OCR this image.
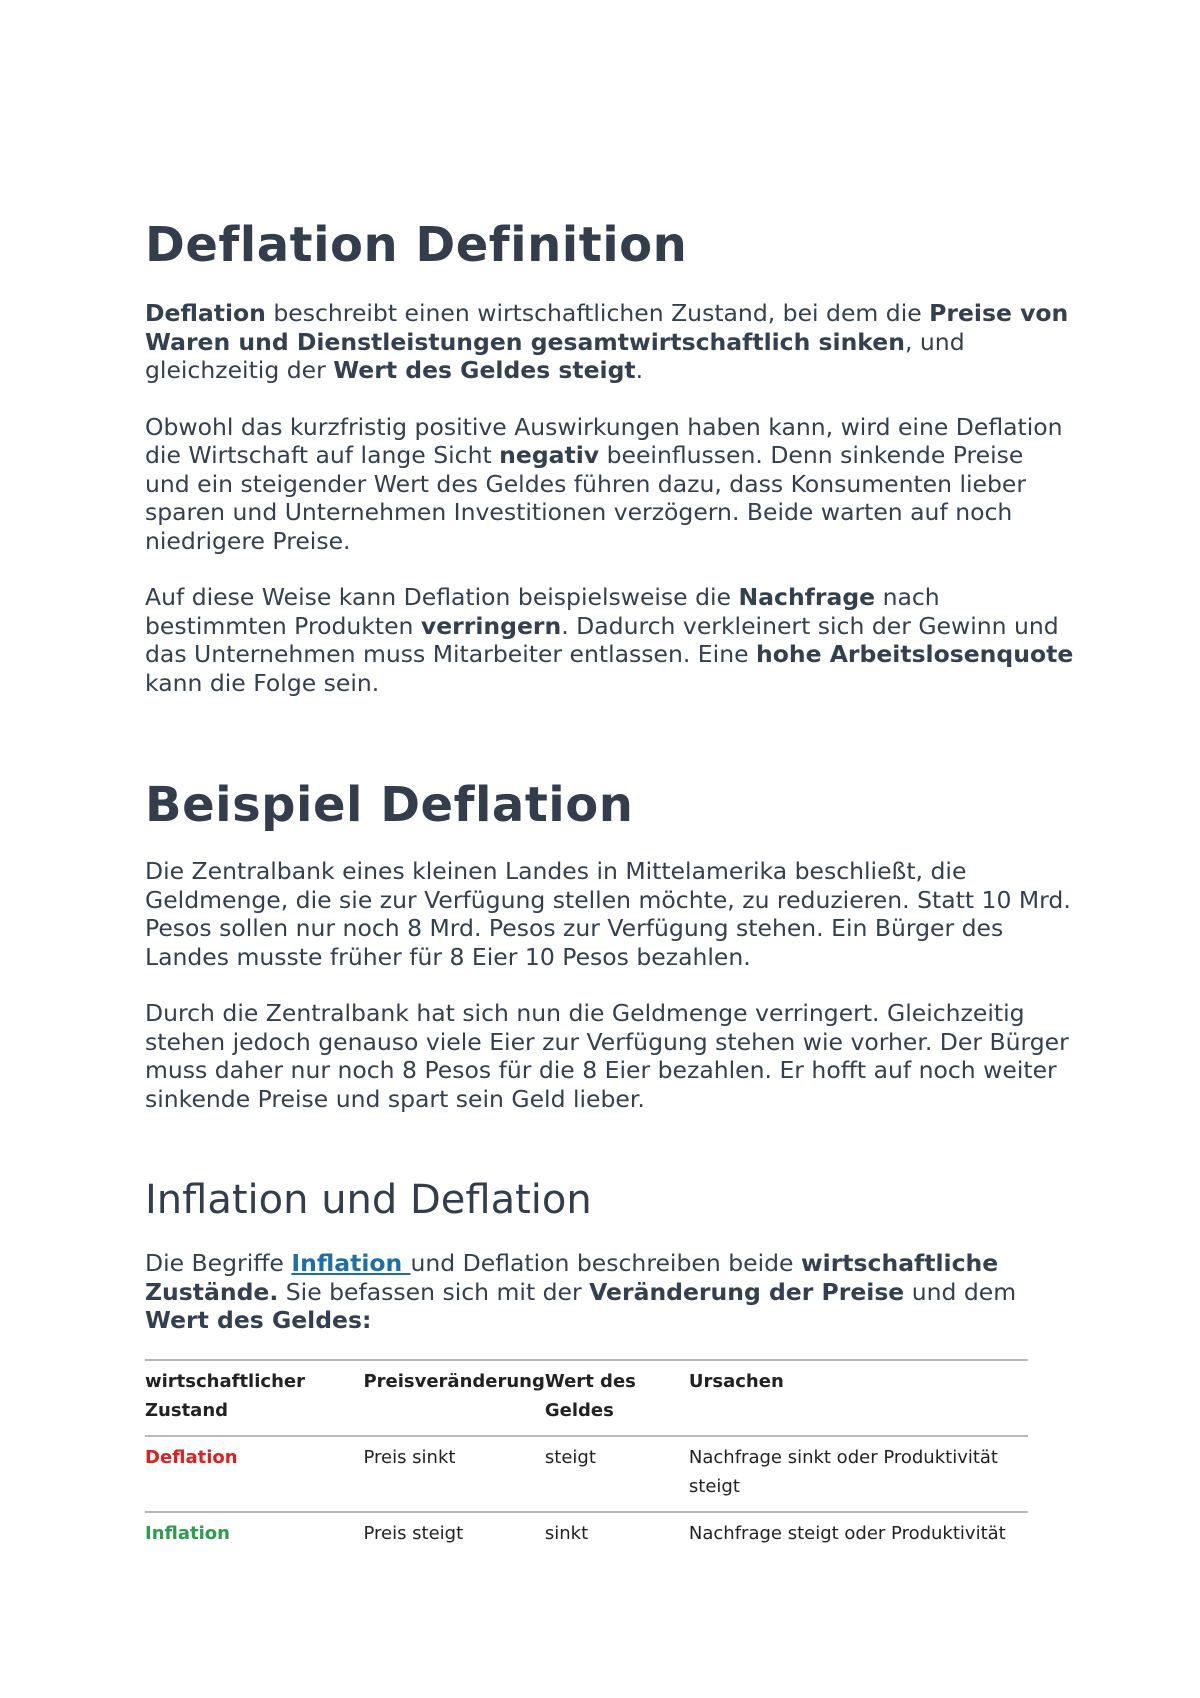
Deflation Definition

Deflation beschreibt einen wirtschaftlichen Zustand, bei dem die Preise von Waren und Dienstleistungen gesamtwirtschaftlich sinken, und gleichzeitig der Wert des Geldes steigt.

Obwohl das kurzfristig positive Auswirkungen haben kann, wird eine Deflation die Wirtschaft auf lange Sicht negativ beeinflussen. Denn sinkende Preise und ein steigender Wert des Geldes führen dazu, dass Konsumenten lieber sparen und Unternehmen Investitionen verzögern. Beide warten auf noch niedrigere Preise.

Auf diese Weise kann Deflation beispielsweise die Nachfrage nach bestimmten Produkten verringern. Dadurch verkleinert sich der Gewinn und das Unternehmen muss Mitarbeiter entlassen. Eine hohe Arbeitslosenquote kann die Folge sein.

Beispiel Deflation

Die Zentralbank eines kleinen Landes in Mittelamerika beschließt, die Geldmenge, die sie zur Verfügung stellen möchte, zu reduzieren. Statt 10 Mrd. Pesos sollen nur noch 8 Mrd. Pesos zur Verfügung stehen. Ein Bürger des Landes musste früher für 8 Eier 10 Pesos bezahlen.

Durch die Zentralbank hat sich nun die Geldmenge verringert. Gleichzeitig stehen jedoch genauso viele Eier zur Verfügung stehen wie vorher. Der Bürger muss daher nur noch 8 Pesos für die 8 Eier bezahlen. Er hofft auf noch weiter sinkende Preise und spart sein Geld lieber.

Inflation und Deflation

Die Begriffe Inflation und Deflation beschreiben beide wirtschaftliche Zustände. Sie befassen sich mit der Veränderung der Preise und dem Wert des Geldes:

wirtschaftlicher Zustand	Preisveränderung	Wert des Geldes	Ursachen
Deflation	Preis sinkt	steigt	Nachfrage sinkt oder Produktivität steigt
Inflation	Preis steigt	sinkt	Nachfrage steigt oder Produktivität
